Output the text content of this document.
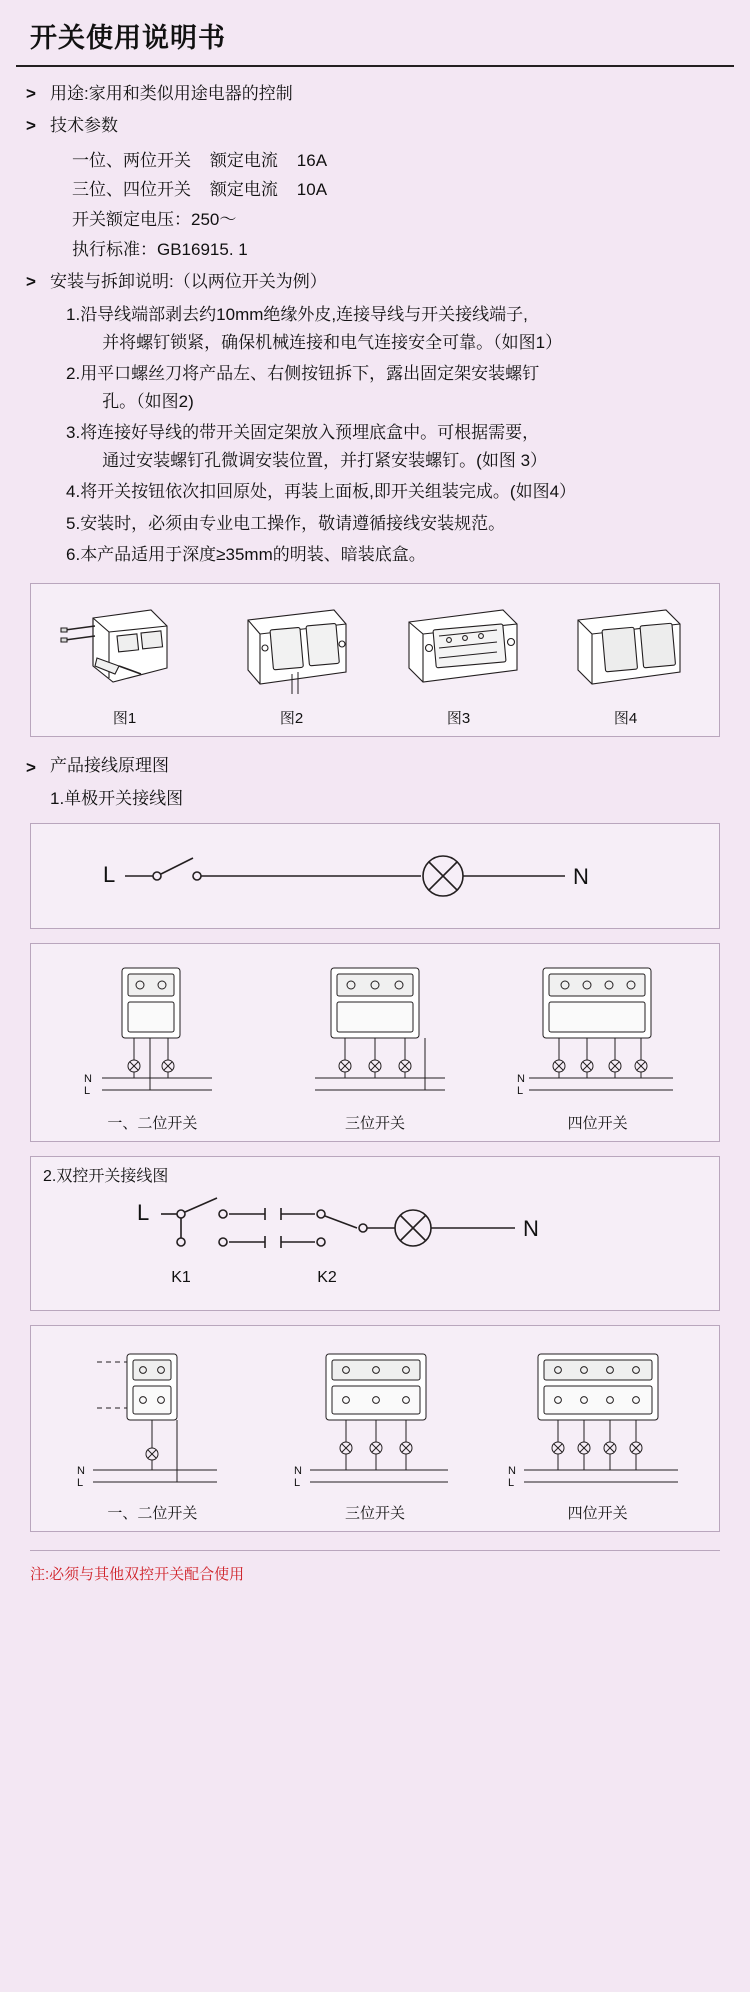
开关使用说明书
> 用途:家用和类似用途电器的控制
> 技术参数
一位、两位开关    额定电流    16A
三位、四位开关    额定电流    10A
开关额定电压：250～
执行标准：GB16915. 1
> 安装与拆卸说明:（以两位开关为例）
1. 沿导线端部剥去约10mm绝缘外皮,连接导线与开关接线端子,
并将螺钉锁紧，确保机械连接和电气连接安全可靠。（如图1）
2. 用平口螺丝刀将产品左、右侧按钮拆下，露出固定架安装螺钉
孔。（如图2)
3. 将连接好导线的带开关固定架放入预埋底盒中。可根据需要，
通过安装螺钉孔微调安装位置，并打紧安装螺钉。(如图 3）
4. 将开关按钮依次扣回原处，再装上面板,即开关组装完成。(如图4）
5. 安装时，必须由专业电工操作，敬请遵循接线安装规范。
6. 本产品适用于深度≥35mm的明装、暗装底盒。
图1	图2	图3	图4
> 产品接线原理图
1.单极开关接线图
L	N
N
L
一、二位开关	三位开关
N
L
四位开关
2.双控开关接线图
L
N
K1	K2
N
L
N
L
N
L
一、二位开关	三位开关	四位开关
注:必须与其他双控开关配合使用
